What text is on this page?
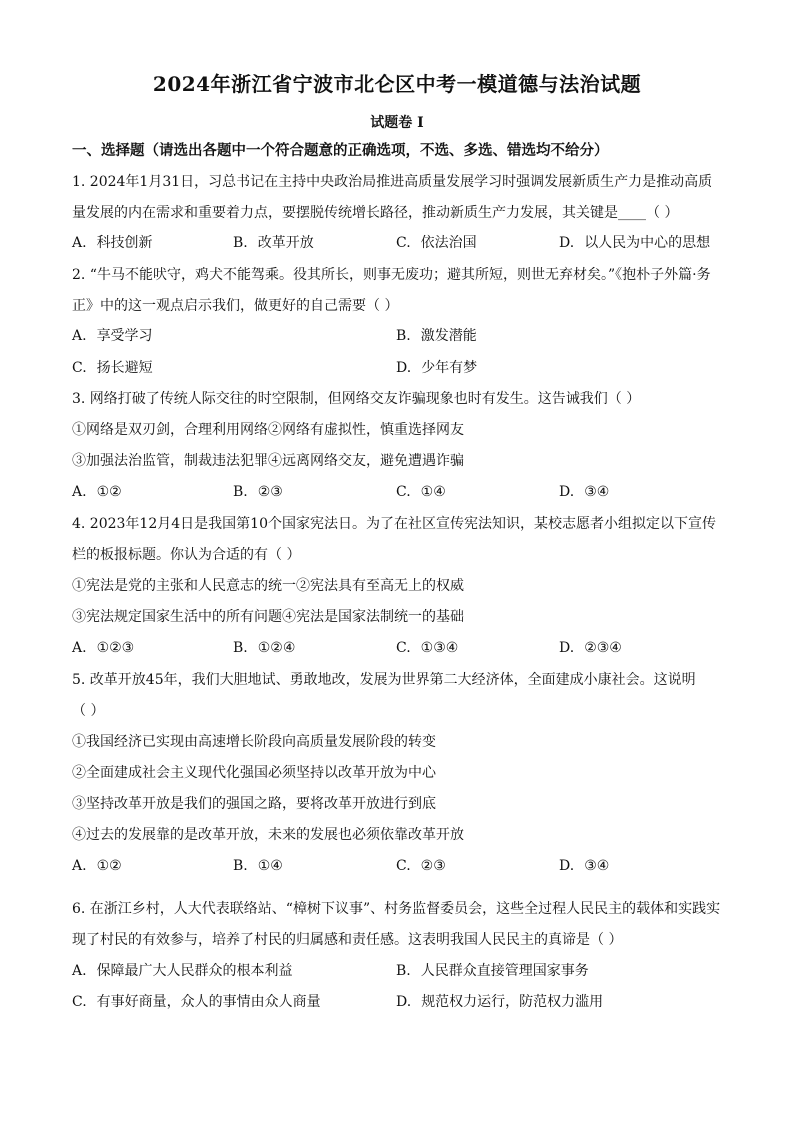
2024年浙江省宁波市北仑区中考一模道德与法治试题
试题卷 I
一、选择题（请选出各题中一个符合题意的正确选项，不选、多选、错选均不给分）
1. 2024年1月31日，习总书记在主持中央政治局推进高质量发展学习时强调发展新质生产力是推动高质
量发展的内在需求和重要着力点，要摆脱传统增长路径，推动新质生产力发展，其关键是____（ ）
A. 科技创新	B. 改革开放	C. 依法治国	D. 以人民为中心的思想
2. “牛马不能吠守，鸡犬不能驾乘。役其所长，则事无废功；避其所短，则世无弃材矣。”《抱朴子外篇·务
正》中的这一观点启示我们，做更好的自己需要（ ）
A. 享受学习	B. 激发潜能
C. 扬长避短	D. 少年有梦
3. 网络打破了传统人际交往的时空限制，但网络交友诈骗现象也时有发生。这告诫我们（ ）
①网络是双刃剑，合理利用网络②网络有虚拟性，慎重选择网友
③加强法治监管，制裁违法犯罪④远离网络交友，避免遭遇诈骗
A. ①②	B. ②③	C. ①④	D. ③④
4. 2023年12月4日是我国第10个国家宪法日。为了在社区宣传宪法知识，某校志愿者小组拟定以下宣传
栏的板报标题。你认为合适的有（ ）
①宪法是党的主张和人民意志的统一②宪法具有至高无上的权威
③宪法规定国家生活中的所有问题④宪法是国家法制统一的基础
A. ①②③	B. ①②④	C. ①③④	D. ②③④
5. 改革开放45年，我们大胆地试、勇敢地改，发展为世界第二大经济体，全面建成小康社会。这说明
（ ）
①我国经济已实现由高速增长阶段向高质量发展阶段的转变
②全面建成社会主义现代化强国必须坚持以改革开放为中心
③坚持改革开放是我们的强国之路，要将改革开放进行到底
④过去的发展靠的是改革开放，未来的发展也必须依靠改革开放
A. ①②	B. ①④	C. ②③	D. ③④
6. 在浙江乡村，人大代表联络站、“樟树下议事”、村务监督委员会，这些全过程人民民主的载体和实践实
现了村民的有效参与，培养了村民的归属感和责任感。这表明我国人民民主的真谛是（ ）
A. 保障最广大人民群众的根本利益	B. 人民群众直接管理国家事务
C. 有事好商量，众人的事情由众人商量	D. 规范权力运行，防范权力滥用
